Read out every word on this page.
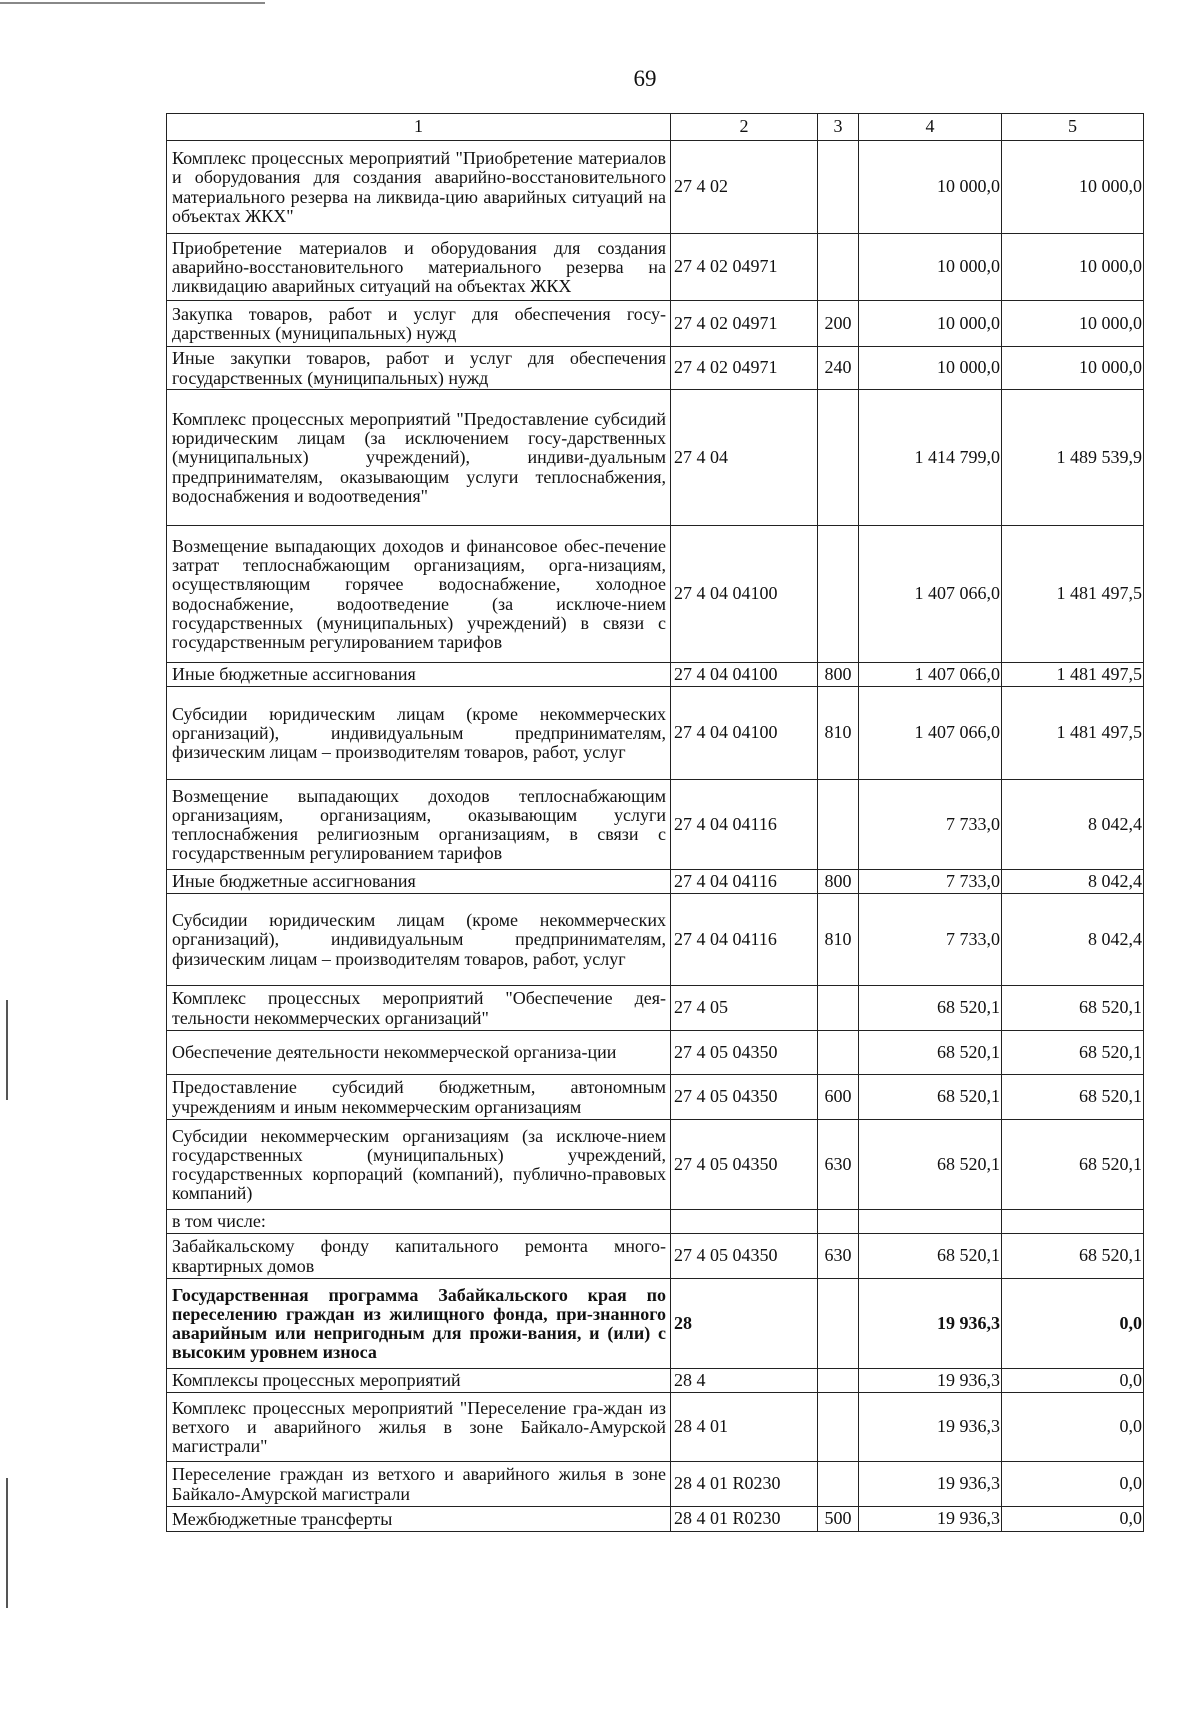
69
1	2	3	4	5
Комплекс процессных мероприятий "Приобретение материалов и оборудования для создания аварийно-восстановительного материального резерва на ликвида-цию аварийных ситуаций на объектах ЖКХ"	27 4 02		10 000,0	10 000,0
Приобретение материалов и оборудования для создания аварийно-восстановительного материального резерва на ликвидацию аварийных ситуаций на объектах ЖКХ	27 4 02 04971		10 000,0	10 000,0
Закупка товаров, работ и услуг для обеспечения госу-дарственных (муниципальных) нужд	27 4 02 04971	200	10 000,0	10 000,0
Иные закупки товаров, работ и услуг для обеспечения государственных (муниципальных) нужд	27 4 02 04971	240	10 000,0	10 000,0
Комплекс процессных мероприятий "Предоставление субсидий юридическим лицам (за исключением госу-дарственных (муниципальных) учреждений), индиви-дуальным предпринимателям, оказывающим услуги теплоснабжения, водоснабжения и водоотведения"	27 4 04		1 414 799,0	1 489 539,9
Возмещение выпадающих доходов и финансовое обес-печение затрат теплоснабжающим организациям, орга-низациям, осуществляющим горячее водоснабжение, холодное водоснабжение, водоотведение (за исключе-нием государственных (муниципальных) учреждений) в связи с государственным регулированием тарифов	27 4 04 04100		1 407 066,0	1 481 497,5
Иные бюджетные ассигнования	27 4 04 04100	800	1 407 066,0	1 481 497,5
Субсидии юридическим лицам (кроме некоммерческих организаций), индивидуальным предпринимателям, физическим лицам – производителям товаров, работ, услуг	27 4 04 04100	810	1 407 066,0	1 481 497,5
Возмещение выпадающих доходов теплоснабжающим организациям, организациям, оказывающим услуги теплоснабжения религиозным организациям, в связи с государственным регулированием тарифов	27 4 04 04116		7 733,0	8 042,4
Иные бюджетные ассигнования	27 4 04 04116	800	7 733,0	8 042,4
Субсидии юридическим лицам (кроме некоммерческих организаций), индивидуальным предпринимателям, физическим лицам – производителям товаров, работ, услуг	27 4 04 04116	810	7 733,0	8 042,4
Комплекс процессных мероприятий "Обеспечение дея-тельности некоммерческих организаций"	27 4 05		68 520,1	68 520,1
Обеспечение деятельности некоммерческой организа-ции	27 4 05 04350		68 520,1	68 520,1
Предоставление субсидий бюджетным, автономным учреждениям и иным некоммерческим организациям	27 4 05 04350	600	68 520,1	68 520,1
Субсидии некоммерческим организациям (за исключе-нием государственных (муниципальных) учреждений, государственных корпораций (компаний), публично-правовых компаний)	27 4 05 04350	630	68 520,1	68 520,1
в том числе:				
Забайкальскому фонду капитального ремонта много-квартирных домов	27 4 05 04350	630	68 520,1	68 520,1
Государственная программа Забайкальского края по переселению граждан из жилищного фонда, при-знанного аварийным или непригодным для прожи-вания, и (или) с высоким уровнем износа	28		19 936,3	0,0
Комплексы процессных мероприятий	28 4		19 936,3	0,0
Комплекс процессных мероприятий "Переселение гра-ждан из ветхого и аварийного жилья в зоне Байкало-Амурской магистрали"	28 4 01		19 936,3	0,0
Переселение граждан из ветхого и аварийного жилья в зоне Байкало-Амурской магистрали	28 4 01 R0230		19 936,3	0,0
Межбюджетные трансферты	28 4 01 R0230	500	19 936,3	0,0
